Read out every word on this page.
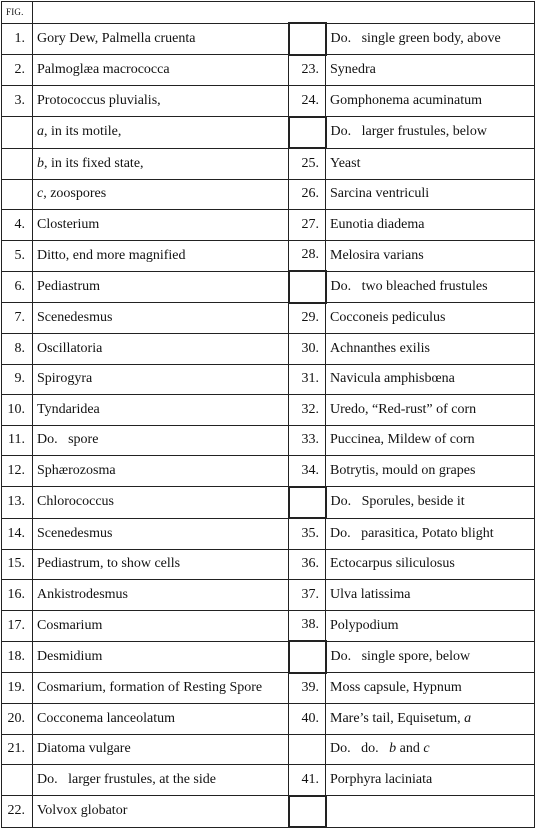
FIG.			
1.	Gory Dew, Palmella cruenta		Do.   single green body, above
2.	Palmoglæa macrococca	23.	Synedra
3.	Protococcus pluvialis,	24.	Gomphonema acuminatum
	a, in its motile,		Do.   larger frustules, below
	b, in its fixed state,	25.	Yeast
	c, zoospores	26.	Sarcina ventriculi
4.	Closterium	27.	Eunotia diadema
5.	Ditto, end more magnified	28.	Melosira varians
6.	Pediastrum		Do.   two bleached frustules
7.	Scenedesmus	29.	Cocconeis pediculus
8.	Oscillatoria	30.	Achnanthes exilis
9.	Spirogyra	31.	Navicula amphisbœna
10.	Tyndaridea	32.	Uredo, “Red-rust” of corn
11.	Do.   spore	33.	Puccinea, Mildew of corn
12.	Sphærozosma	34.	Botrytis, mould on grapes
13.	Chlorococcus		Do.   Sporules, beside it
14.	Scenedesmus	35.	Do.   parasitica, Potato blight
15.	Pediastrum, to show cells	36.	Ectocarpus siliculosus
16.	Ankistrodesmus	37.	Ulva latissima
17.	Cosmarium	38.	Polypodium
18.	Desmidium		Do.   single spore, below
19.	Cosmarium, formation of Resting Spore	39.	Moss capsule, Hypnum
20.	Cocconema lanceolatum	40.	Mare’s tail, Equisetum, a
21.	Diatoma vulgare		Do.   do.   b and c
	Do.   larger frustules, at the side	41.	Porphyra laciniata
22.	Volvox globator		
